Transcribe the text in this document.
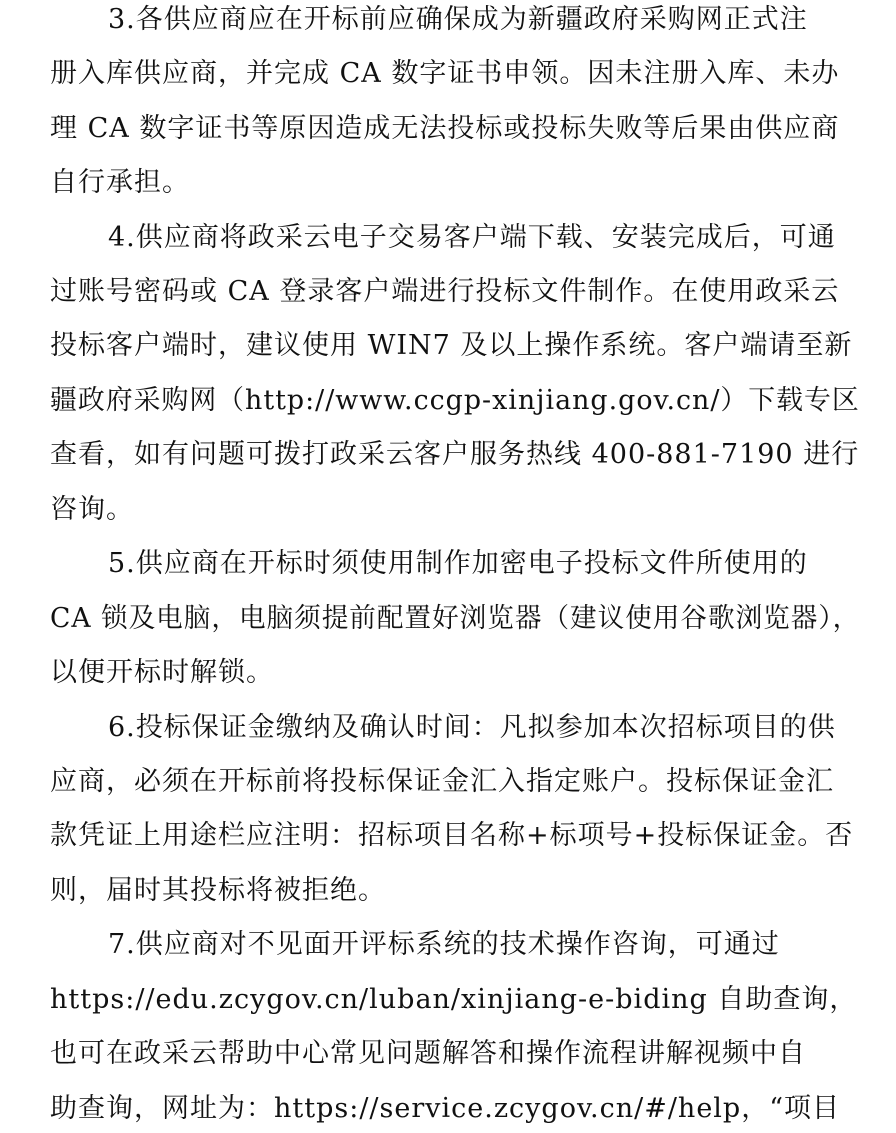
3.各供应商应在开标前应确保成为新疆政府采购网正式注
册入库供应商，并完成 CA 数字证书申领。因未注册入库、未办
理 CA 数字证书等原因造成无法投标或投标失败等后果由供应商
自行承担。
4.供应商将政采云电子交易客户端下载、安装完成后，可通
过账号密码或 CA 登录客户端进行投标文件制作。在使用政采云
投标客户端时，建议使用 WIN7 及以上操作系统。客户端请至新
疆政府采购网（http://www.ccgp-xinjiang.gov.cn/）下载专区
查看，如有问题可拨打政采云客户服务热线 400-881-7190 进行
咨询。
5.供应商在开标时须使用制作加密电子投标文件所使用的
CA 锁及电脑，电脑须提前配置好浏览器（建议使用谷歌浏览器），
以便开标时解锁。
6.投标保证金缴纳及确认时间：凡拟参加本次招标项目的供
应商，必须在开标前将投标保证金汇入指定账户。投标保证金汇
款凭证上用途栏应注明：招标项目名称+标项号+投标保证金。否
则，届时其投标将被拒绝。
7.供应商对不见面开评标系统的技术操作咨询，可通过
https://edu.zcygov.cn/luban/xinjiang-e-biding 自助查询，
也可在政采云帮助中心常见问题解答和操作流程讲解视频中自
助查询，网址为：https://service.zcygov.cn/#/help，“项目
